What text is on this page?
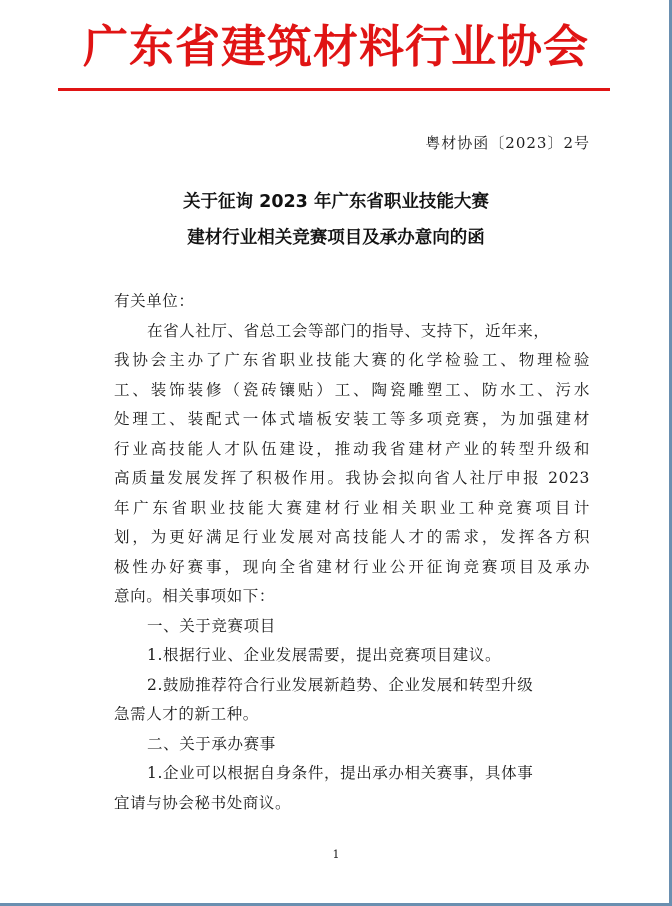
广东省建筑材料行业协会
粤材协函〔2023〕2号
关于征询 2023 年广东省职业技能大赛
建材行业相关竞赛项目及承办意向的函
有关单位：
在省人社厅、省总工会等部门的指导、支持下，近年来，
我协会主办了广东省职业技能大赛的化学检验工、物理检验
工、装饰装修（瓷砖镶贴）工、陶瓷雕塑工、防水工、污水
处理工、装配式一体式墙板安装工等多项竞赛，为加强建材
行业高技能人才队伍建设，推动我省建材产业的转型升级和
高质量发展发挥了积极作用。我协会拟向省人社厅申报 2023
年广东省职业技能大赛建材行业相关职业工种竞赛项目计
划，为更好满足行业发展对高技能人才的需求，发挥各方积
极性办好赛事，现向全省建材行业公开征询竞赛项目及承办
意向。相关事项如下：
一、关于竞赛项目
1.根据行业、企业发展需要，提出竞赛项目建议。
2.鼓励推荐符合行业发展新趋势、企业发展和转型升级
急需人才的新工种。
二、关于承办赛事
1.企业可以根据自身条件，提出承办相关赛事，具体事
宜请与协会秘书处商议。
1
